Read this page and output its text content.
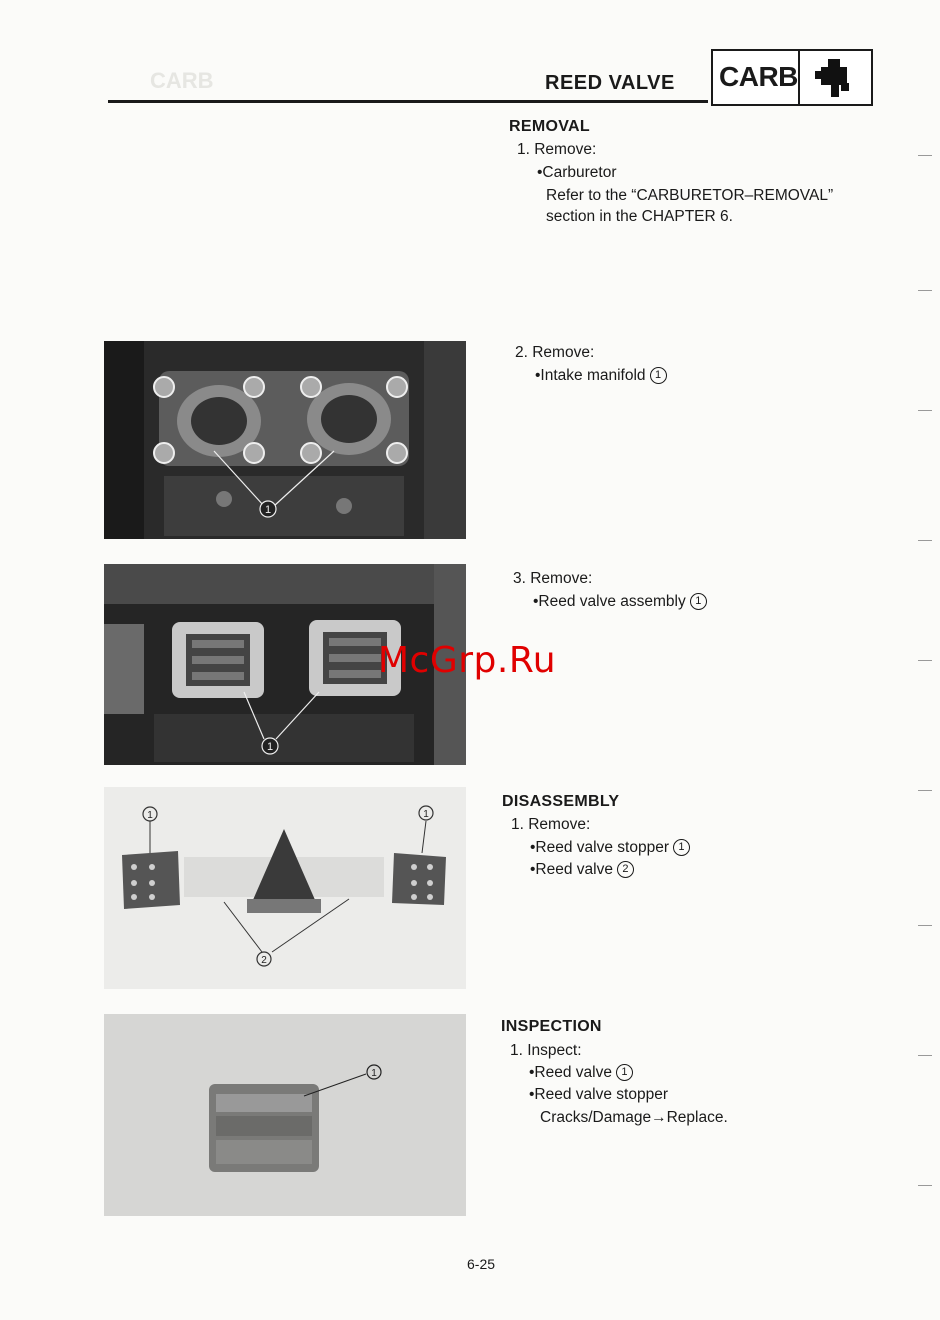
CARB	REED VALVE CARB
REMOVAL
1. Remove:
•Carburetor
Refer to the “CARBURETOR–REMOVAL”
section in the CHAPTER 6.
2. Remove:
•Intake manifold 1
3. Remove:
•Reed valve assembly 1
DISASSEMBLY
1. Remove:
•Reed valve stopper 1
•Reed valve 2
INSPECTION
1. Inspect:
•Reed valve 1
•Reed valve stopper
Cracks/Damage→Replace.
1
1
1	1
2
1
McGrp.Ru
6-25
